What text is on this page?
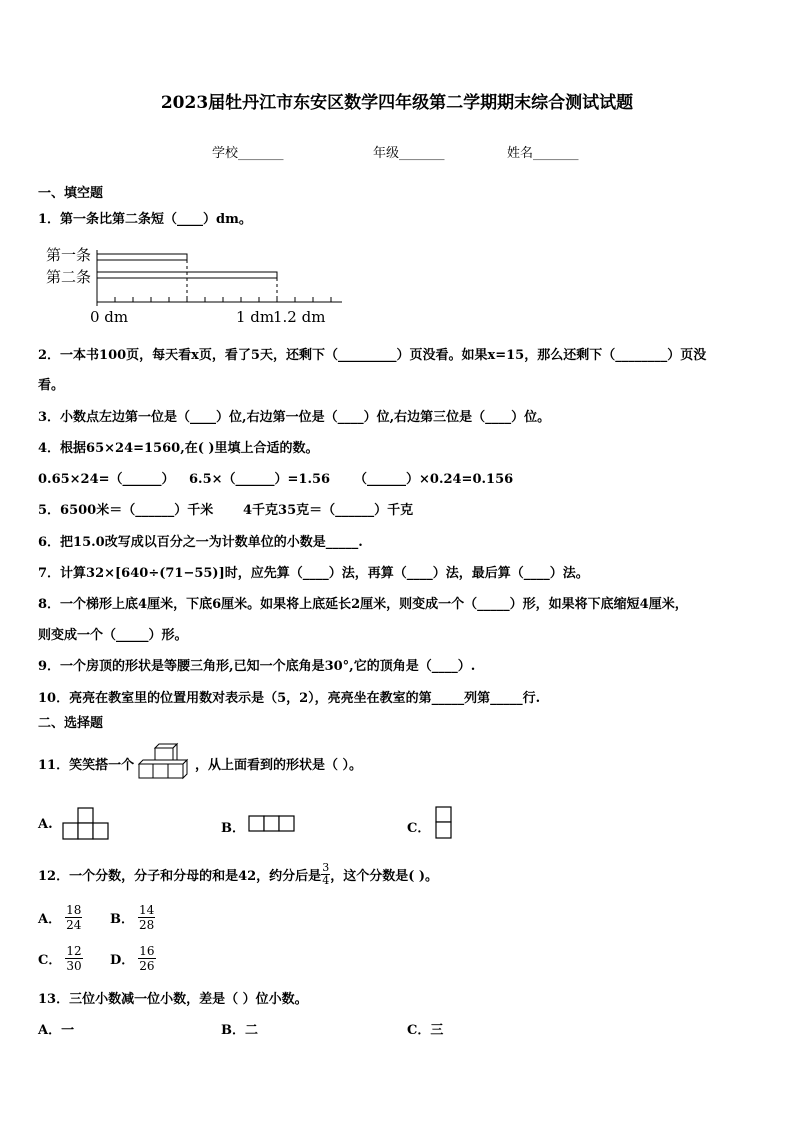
2023届牡丹江市东安区数学四年级第二学期期末综合测试试题
学校_______	年级_______	姓名_______
一、填空题
1．第一条比第二条短（____）dm。
第一条
第二条
0 dm	1 dm
1.2 dm
2．一本书100页，每天看x页，看了5天，还剩下（_________）页没看。如果x=15，那么还剩下（________）页没
看。
3．小数点左边第一位是（____）位,右边第一位是（____）位,右边第三位是（____）位。
4．根据65×24=1560,在( )里填上合适的数。
0.65×24=（______） 6.5×（______）=1.56 （______）×0.24=0.156
5．6500米＝（______）千米 4千克35克＝（______）千克
6．把15.0改写成以百分之一为计数单位的小数是_____.
7．计算32×[640÷(71−55)]时，应先算（____）法，再算（____）法，最后算（____）法。
8．一个梯形上底4厘米，下底6厘米。如果将上底延长2厘米，则变成一个（_____）形，如果将下底缩短4厘米，
则变成一个（_____）形。
9．一个房顶的形状是等腰三角形,已知一个底角是30°,它的顶角是（____）.
10．亮亮在教室里的位置用数对表示是（5，2），亮亮坐在教室的第_____列第_____行.
二、选择题
11．笑笑搭一个	，从上面看到的形状是（ ）。
A.	B．	C．
12．一个分数，分子和分母的和是42，约分后是 $\frac{3}{4}$ ，这个分数是( )。
A． $\frac{18}{24}$ B． $\frac{14}{28}$
C． $\frac{12}{30}$ D． $\frac{16}{26}$
13．三位小数减一位小数，差是（ ）位小数。
A．一	B．二	C．三
